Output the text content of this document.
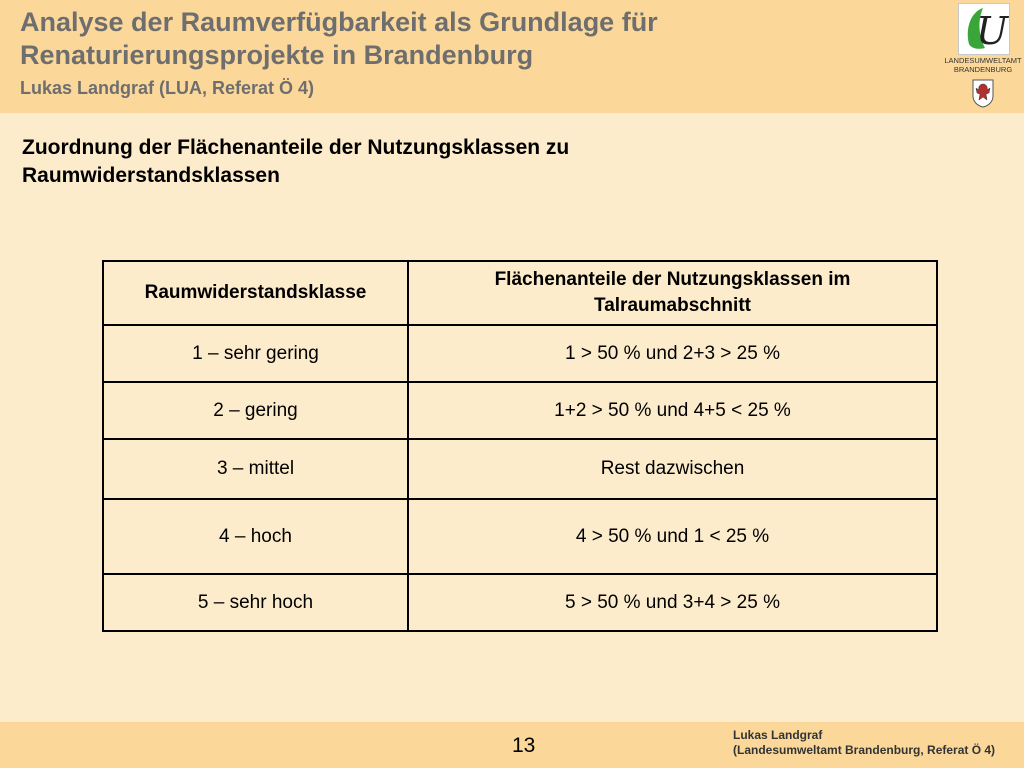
Analyse der Raumverfügbarkeit als Grundlage für
Renaturierungsprojekte in Brandenburg

Lukas Landgraf (LUA, Referat Ö 4)

U
LANDESUMWELTAMT
BRANDENBURG
Zuordnung der Flächenanteile der Nutzungsklassen zu
Raumwiderstandsklassen
Raumwiderstandsklasse	Flächenanteile der Nutzungsklassen im Talraumabschnitt
1 – sehr gering	1 > 50 % und 2+3 > 25 %
2 – gering	1+2 > 50 % und 4+5 < 25 %
3 – mittel	Rest dazwischen
4 – hoch	4 > 50 % und 1 < 25 %
5 – sehr hoch	5 > 50 % und 3+4 > 25 %
13	Lukas Landgraf
(Landesumweltamt Brandenburg, Referat Ö 4)
